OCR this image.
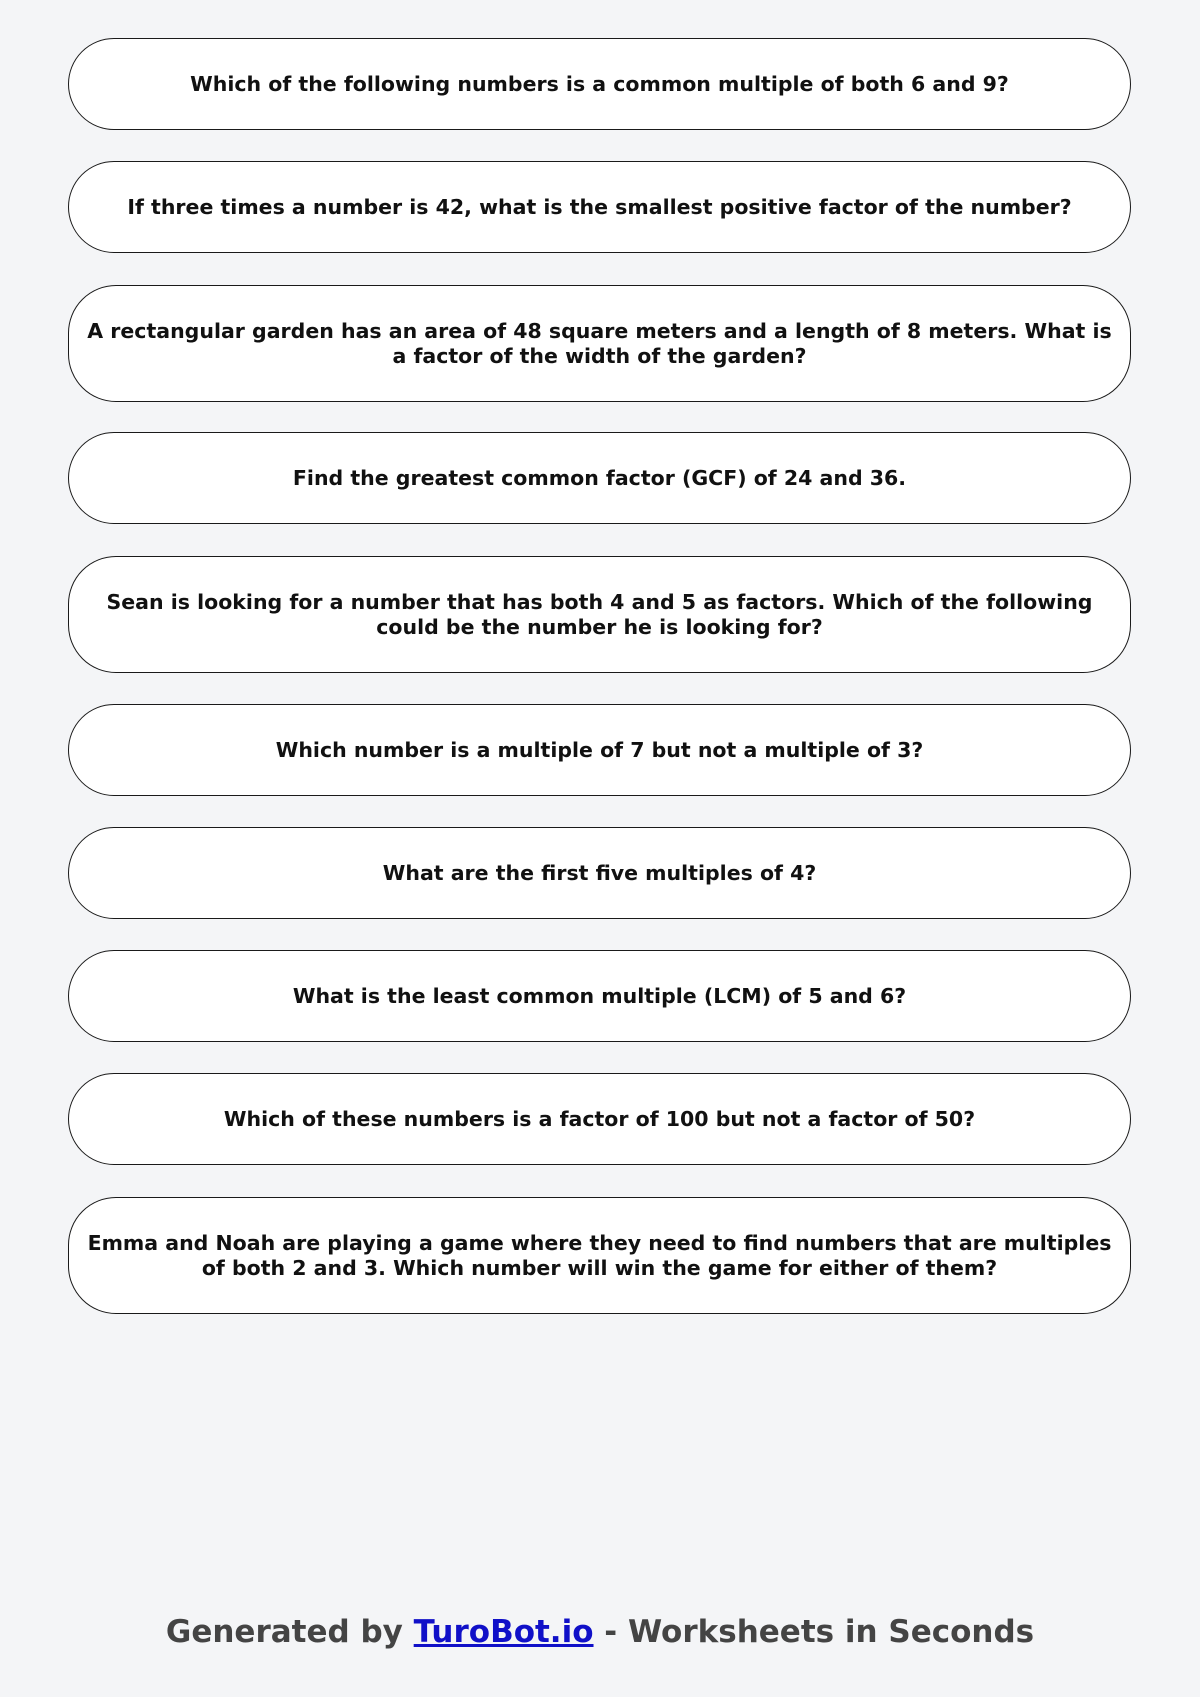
Which of the following numbers is a common multiple of both 6 and 9?
If three times a number is 42, what is the smallest positive factor of the number?
A rectangular garden has an area of 48 square meters and a length of 8 meters. What is a factor of the width of the garden?
Find the greatest common factor (GCF) of 24 and 36.
Sean is looking for a number that has both 4 and 5 as factors. Which of the following could be the number he is looking for?
Which number is a multiple of 7 but not a multiple of 3?
What are the first five multiples of 4?
What is the least common multiple (LCM) of 5 and 6?
Which of these numbers is a factor of 100 but not a factor of 50?
Emma and Noah are playing a game where they need to find numbers that are multiples of both 2 and 3. Which number will win the game for either of them?
Generated by TuroBot.io - Worksheets in Seconds
